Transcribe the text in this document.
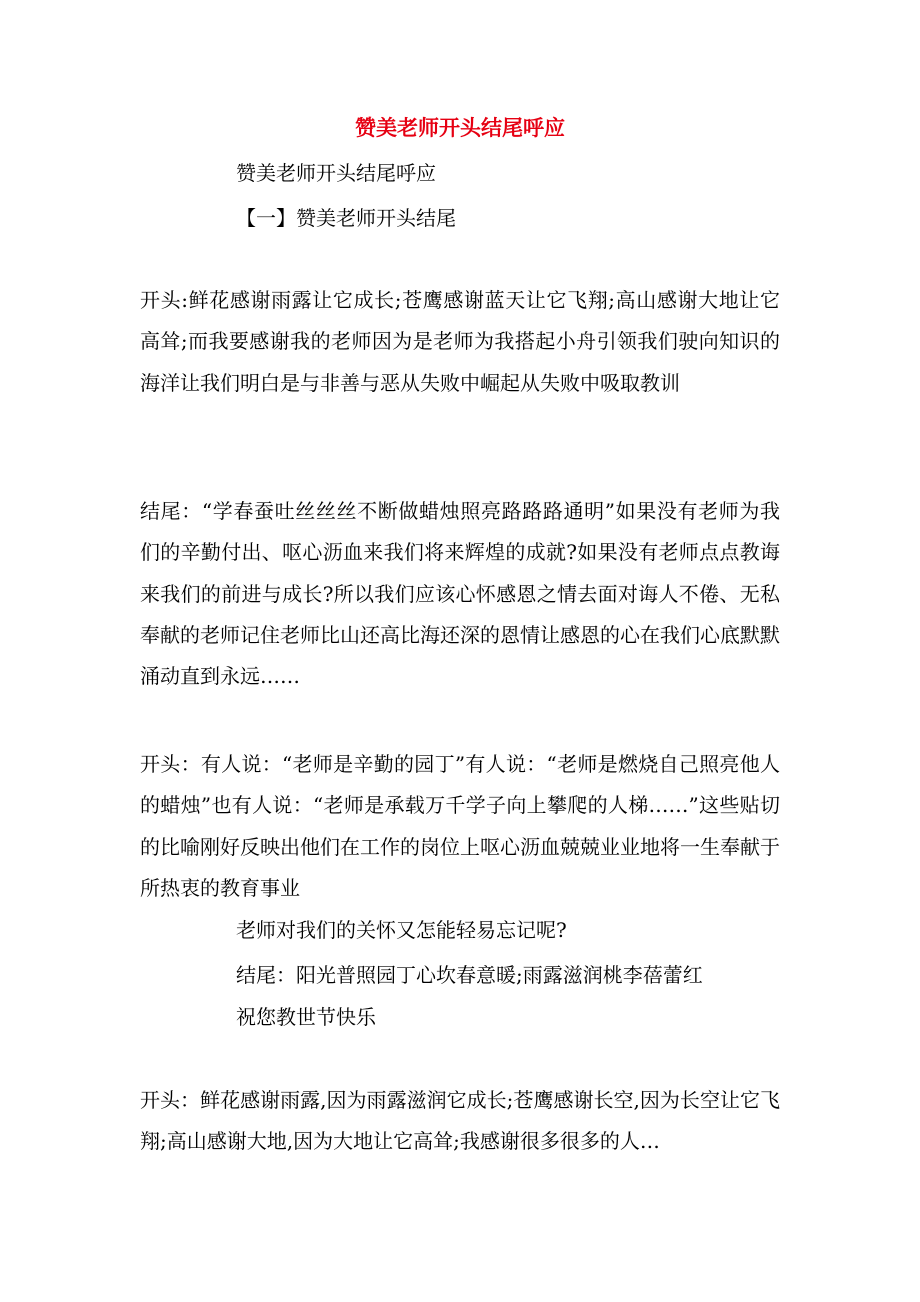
赞美老师开头结尾呼应
赞美老师开头结尾呼应
【一】赞美老师开头结尾
开头:鲜花感谢雨露让它成长;苍鹰感谢蓝天让它飞翔;高山感谢大地让它高耸;而我要感谢我的老师因为是老师为我搭起小舟引领我们驶向知识的海洋让我们明白是与非善与恶从失败中崛起从失败中吸取教训
结尾：“学春蚕吐丝丝丝不断做蜡烛照亮路路路通明”如果没有老师为我们的辛勤付出、呕心沥血来我们将来辉煌的成就?如果没有老师点点教诲来我们的前进与成长?所以我们应该心怀感恩之情去面对诲人不倦、无私奉献的老师记住老师比山还高比海还深的恩情让感恩的心在我们心底默默涌动直到永远……
开头：有人说：“老师是辛勤的园丁”有人说：“老师是燃烧自己照亮他人的蜡烛”也有人说：“老师是承载万千学子向上攀爬的人梯……”这些贴切的比喻刚好反映出他们在工作的岗位上呕心沥血兢兢业业地将一生奉献于所热衷的教育事业
老师对我们的关怀又怎能轻易忘记呢?
结尾：阳光普照园丁心坎春意暖;雨露滋润桃李蓓蕾红
祝您教世节快乐
开头：鲜花感谢雨露,因为雨露滋润它成长;苍鹰感谢长空,因为长空让它飞翔;高山感谢大地,因为大地让它高耸;我感谢很多很多的人…
